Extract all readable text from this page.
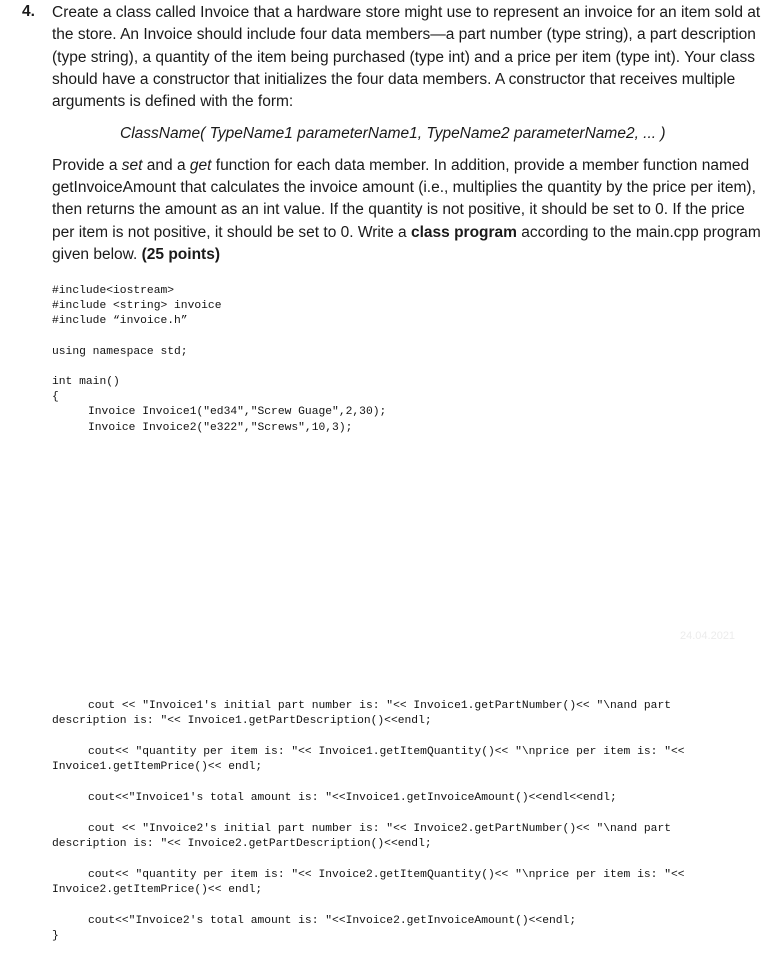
4. Create a class called Invoice that a hardware store might use to represent an invoice for an item sold at the store. An Invoice should include four data members—a part number (type string), a part description (type string), a quantity of the item being purchased (type int) and a price per item (type int). Your class should have a constructor that initializes the four data members. A constructor that receives multiple arguments is defined with the form:

ClassName( TypeName1 parameterName1, TypeName2 parameterName2, ... )

Provide a set and a get function for each data member. In addition, provide a member function named getInvoiceAmount that calculates the invoice amount (i.e., multiplies the quantity by the price per item), then returns the amount as an int value. If the quantity is not positive, it should be set to 0. If the price per item is not positive, it should be set to 0. Write a class program according to the main.cpp program given below. (25 points)

#include<iostream>
#include <string> invoice
#include “invoice.h”
using namespace std;
int main()
{
Invoice Invoice1("ed34","Screw Guage",2,30);
Invoice Invoice2("e322","Screws",10,3);
24.04.2021
cout << "Invoice1's initial part number is: "<< Invoice1.getPartNumber()<< "\nand part
description is: "<< Invoice1.getPartDescription()<<endl;
cout<< "quantity per item is: "<< Invoice1.getItemQuantity()<< "\nprice per item is: "<<
Invoice1.getItemPrice()<< endl;
cout<<"Invoice1's total amount is: "<<Invoice1.getInvoiceAmount()<<endl<<endl;
cout << "Invoice2's initial part number is: "<< Invoice2.getPartNumber()<< "\nand part
description is: "<< Invoice2.getPartDescription()<<endl;
cout<< "quantity per item is: "<< Invoice2.getItemQuantity()<< "\nprice per item is: "<<
Invoice2.getItemPrice()<< endl;
cout<<"Invoice2's total amount is: "<<Invoice2.getInvoiceAmount()<<endl;
}
